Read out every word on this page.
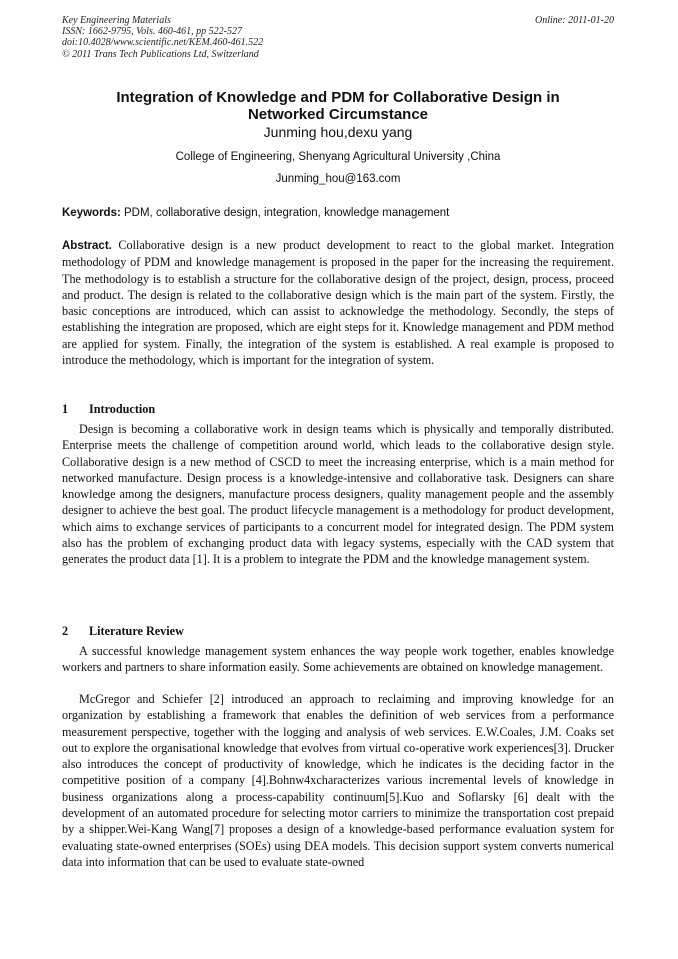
Key Engineering Materials
ISSN: 1662-9795, Vols. 460-461, pp 522-527
doi:10.4028/www.scientific.net/KEM.460-461.522
© 2011 Trans Tech Publications Ltd, Switzerland
Online: 2011-01-20
Integration of Knowledge and PDM for Collaborative Design in
Networked Circumstance
Junming hou,dexu yang
College of Engineering, Shenyang Agricultural University ,China
Junming_hou@163.com
Keywords: PDM, collaborative design, integration, knowledge management
Abstract. Collaborative design is a new product development to react to the global market. Integration methodology of PDM and knowledge management is proposed in the paper for the increasing the requirement. The methodology is to establish a structure for the collaborative design of the project, design, process, proceed and product. The design is related to the collaborative design which is the main part of the system. Firstly, the basic conceptions are introduced, which can assist to acknowledge the methodology. Secondly, the steps of establishing the integration are proposed, which are eight steps for it. Knowledge management and PDM method are applied for system. Finally, the integration of the system is established. A real example is proposed to introduce the methodology, which is important for the integration of system.
1 Introduction
Design is becoming a collaborative work in design teams which is physically and temporally distributed. Enterprise meets the challenge of competition around world, which leads to the collaborative design style. Collaborative design is a new method of CSCD to meet the increasing enterprise, which is a main method for networked manufacture. Design process is a knowledge-intensive and collaborative task. Designers can share knowledge among the designers, manufacture process designers, quality management people and the assembly designer to achieve the best goal. The product lifecycle management is a methodology for product development, which aims to exchange services of participants to a concurrent model for integrated design. The PDM system also has the problem of exchanging product data with legacy systems, especially with the CAD system that generates the product data [1]. It is a problem to integrate the PDM and the knowledge management system.
2 Literature Review
A successful knowledge management system enhances the way people work together, enables knowledge workers and partners to share information easily. Some achievements are obtained on knowledge management.
McGregor and Schiefer [2] introduced an approach to reclaiming and improving knowledge for an organization by establishing a framework that enables the definition of web services from a performance measurement perspective, together with the logging and analysis of web services. E.W.Coales, J.M. Coaks set out to explore the organisational knowledge that evolves from virtual co-operative work experiences[3]. Drucker also introduces the concept of productivity of knowledge, which he indicates is the deciding factor in the competitive position of a company [4].Bohnw4xcharacterizes various incremental levels of knowledge in business organizations along a process-capability continuum[5].Kuo and Soflarsky [6] dealt with the development of an automated procedure for selecting motor carriers to minimize the transportation cost prepaid by a shipper.Wei-Kang Wang[7] proposes a design of a knowledge-based performance evaluation system for evaluating state-owned enterprises (SOEs) using DEA models. This decision support system converts numerical data into information that can be used to evaluate state-owned
